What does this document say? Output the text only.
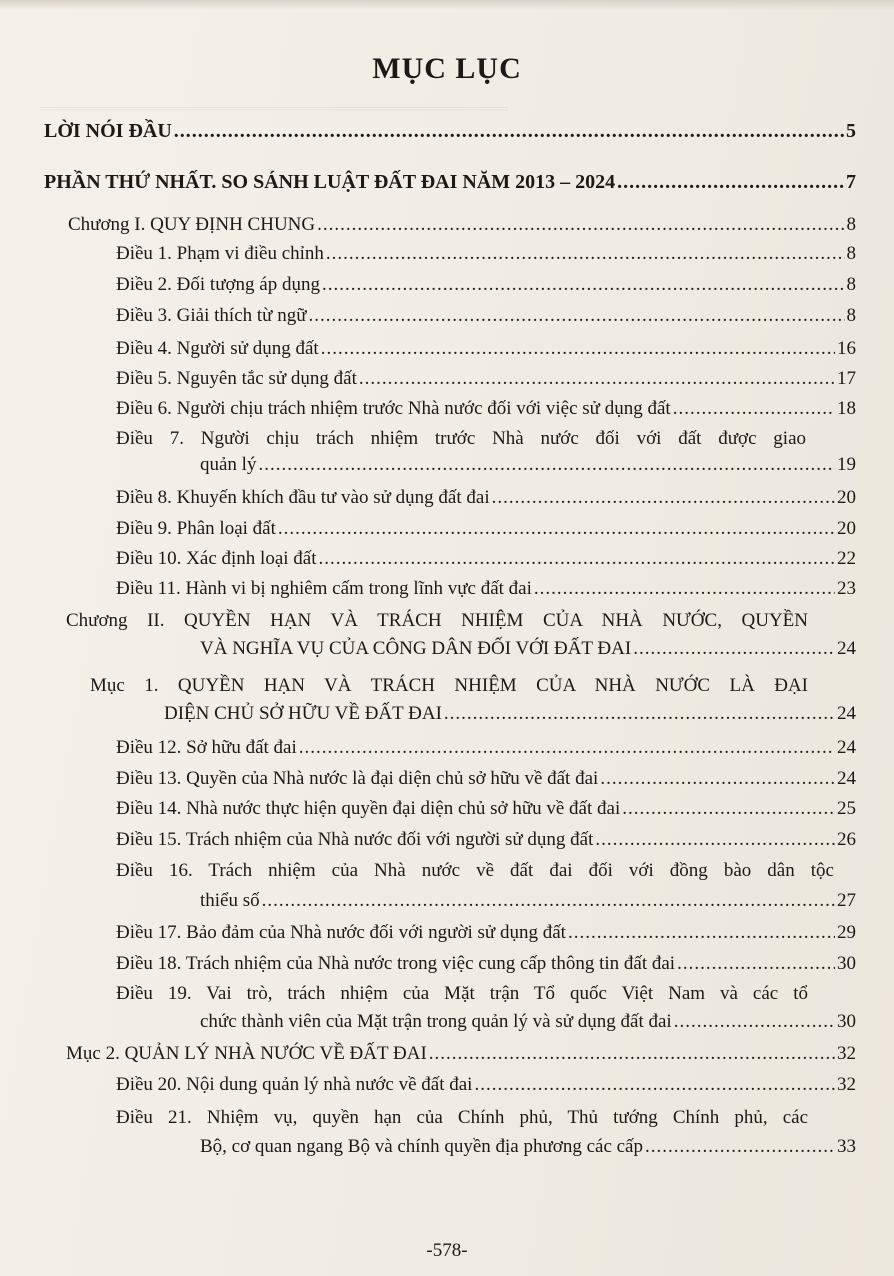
‗‗‗‗‗‗‗‗‗‗‗‗‗‗‗‗‗‗‗‗‗‗‗‗‗‗‗‗‗‗‗‗‗‗‗‗‗‗‗‗‗‗‗‗‗‗‗‗‗‗‗‗
MỤC LỤC
LỜI NÓI ĐẦU .....	5
PHẦN THỨ NHẤT. SO SÁNH LUẬT ĐẤT ĐAI NĂM 2013 – 2024 .....	7
Chương I. QUY ĐỊNH CHUNG .....	8
Điều 1. Phạm vi điều chỉnh .....	8
Điều 2. Đối tượng áp dụng .....	8
Điều 3. Giải thích từ ngữ .....	8
Điều 4. Người sử dụng đất .....	16
Điều 5. Nguyên tắc sử dụng đất .....	17
Điều 6. Người chịu trách nhiệm trước Nhà nước đối với việc sử dụng đất .....	18
Điều 7. Người chịu trách nhiệm trước Nhà nước đối với đất được giao
quản lý .....	19
Điều 8. Khuyến khích đầu tư vào sử dụng đất đai .....	20
Điều 9. Phân loại đất .....	20
Điều 10. Xác định loại đất .....	22
Điều 11. Hành vi bị nghiêm cấm trong lĩnh vực đất đai .....	23
Chương II. QUYỀN HẠN VÀ TRÁCH NHIỆM CỦA NHÀ NƯỚC, QUYỀN
VÀ NGHĨA VỤ CỦA CÔNG DÂN ĐỐI VỚI ĐẤT ĐAI .....	24
Mục 1. QUYỀN HẠN VÀ TRÁCH NHIỆM CỦA NHÀ NƯỚC LÀ ĐẠI
DIỆN CHỦ SỞ HỮU VỀ ĐẤT ĐAI .....	24
Điều 12. Sở hữu đất đai .....	24
Điều 13. Quyền của Nhà nước là đại diện chủ sở hữu về đất đai .....	24
Điều 14. Nhà nước thực hiện quyền đại diện chủ sở hữu về đất đai .....	25
Điều 15. Trách nhiệm của Nhà nước đối với người sử dụng đất .....	26
Điều 16. Trách nhiệm của Nhà nước về đất đai đối với đồng bào dân tộc
thiểu số .....	27
Điều 17. Bảo đảm của Nhà nước đối với người sử dụng đất .....	29
Điều 18. Trách nhiệm của Nhà nước trong việc cung cấp thông tin đất đai .....	30
Điều 19. Vai trò, trách nhiệm của Mặt trận Tổ quốc Việt Nam và các tổ
chức thành viên của Mặt trận trong quản lý và sử dụng đất đai .....	30
Mục 2. QUẢN LÝ NHÀ NƯỚC VỀ ĐẤT ĐAI .....	32
Điều 20. Nội dung quản lý nhà nước về đất đai .....	32
Điều 21. Nhiệm vụ, quyền hạn của Chính phủ, Thủ tướng Chính phủ, các
Bộ, cơ quan ngang Bộ và chính quyền địa phương các cấp .....	33
-578-
